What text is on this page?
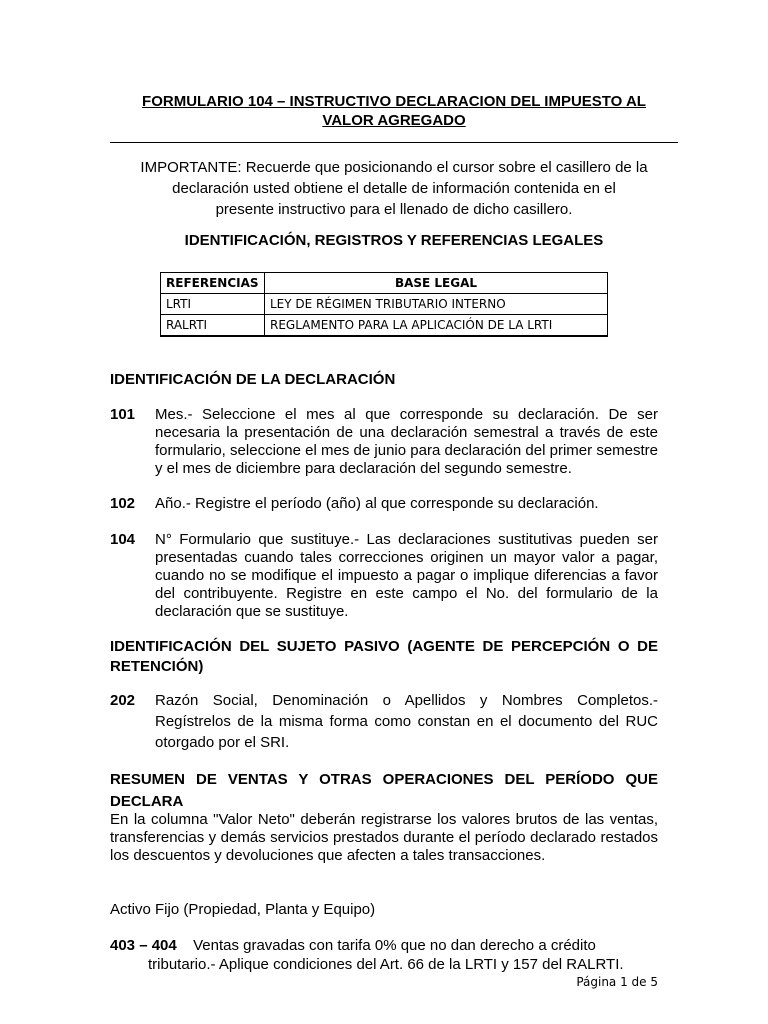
FORMULARIO 104 – INSTRUCTIVO DECLARACION DEL IMPUESTO AL
VALOR AGREGADO
IMPORTANTE: Recuerde que posicionando el cursor sobre el casillero de la
declaración usted obtiene el detalle de información contenida en el
presente instructivo para el llenado de dicho casillero.
IDENTIFICACIÓN, REGISTROS Y REFERENCIAS LEGALES
REFERENCIAS	BASE LEGAL
LRTI	LEY DE RÉGIMEN TRIBUTARIO INTERNO
RALRTI	REGLAMENTO PARA LA APLICACIÓN DE LA LRTI
IDENTIFICACIÓN DE LA DECLARACIÓN
101 Mes.- Seleccione el mes al que corresponde su declaración. De ser necesaria la presentación de una declaración semestral a través de este formulario, seleccione el mes de junio para declaración del primer semestre y el mes de diciembre para declaración del segundo semestre.
102 Año.- Registre el período (año) al que corresponde su declaración.
104 N° Formulario que sustituye.- Las declaraciones sustitutivas pueden ser presentadas cuando tales correcciones originen un mayor valor a pagar, cuando no se modifique el impuesto a pagar o implique diferencias a favor del contribuyente. Registre en este campo el No. del formulario de la declaración que se sustituye.
IDENTIFICACIÓN DEL SUJETO PASIVO (AGENTE DE PERCEPCIÓN O DE RETENCIÓN)
202 Razón Social, Denominación o Apellidos y Nombres Completos.- Regístrelos de la misma forma como constan en el documento del RUC otorgado por el SRI.
RESUMEN DE VENTAS Y OTRAS OPERACIONES DEL PERÍODO QUE DECLARA
En la columna "Valor Neto" deberán registrarse los valores brutos de las ventas, transferencias y demás servicios prestados durante el período declarado restados los descuentos y devoluciones que afecten a tales transacciones.
Activo Fijo (Propiedad, Planta y Equipo)
403 – 404 Ventas gravadas con tarifa 0% que no dan derecho a crédito
tributario.- Aplique condiciones del Art. 66 de la LRTI y 157 del RALRTI.
Página 1 de 5
